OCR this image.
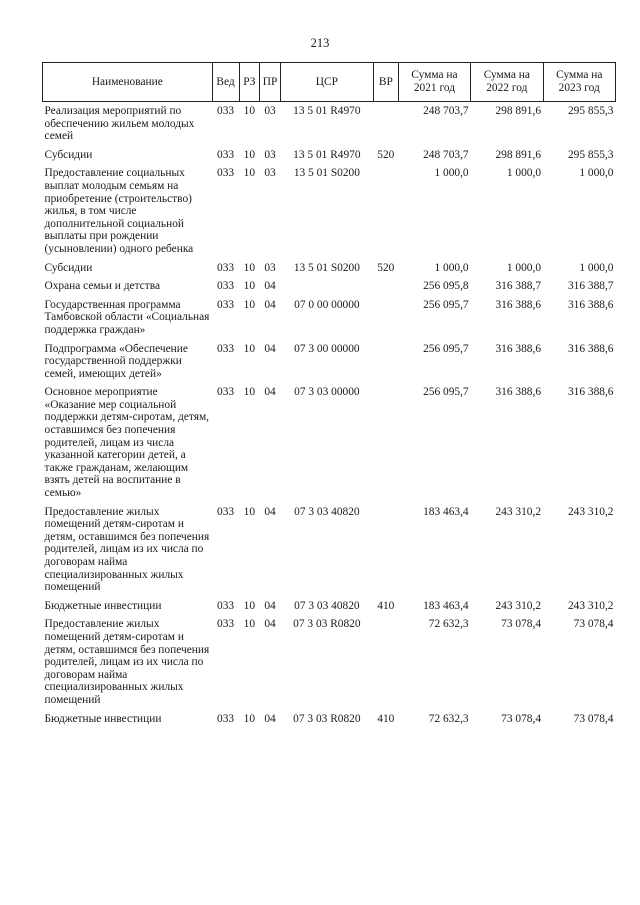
213
Наименование	Вед	РЗ	ПР	ЦСР	ВР	Сумма на 2021 год	Сумма на 2022 год	Сумма на 2023 год
Реализация мероприятий по обеспечению жильем молодых семей	033	10	03	13 5 01 R4970		248 703,7	298 891,6	295 855,3
Субсидии	033	10	03	13 5 01 R4970	520	248 703,7	298 891,6	295 855,3
Предоставление социальных выплат молодым семьям на приобретение (строительство) жилья, в том числе дополнительной социальной выплаты при рождении (усыновлении) одного ребенка	033	10	03	13 5 01 S0200		1 000,0	1 000,0	1 000,0
Субсидии	033	10	03	13 5 01 S0200	520	1 000,0	1 000,0	1 000,0
Охрана семьи и детства	033	10	04			256 095,8	316 388,7	316 388,7
Государственная программа Тамбовской области «Социальная поддержка граждан»	033	10	04	07 0 00 00000		256 095,7	316 388,6	316 388,6
Подпрограмма «Обеспечение государственной поддержки семей, имеющих детей»	033	10	04	07 3 00 00000		256 095,7	316 388,6	316 388,6
Основное мероприятие «Оказание мер социальной поддержки детям-сиротам, детям, оставшимся без попечения родителей, лицам из числа указанной категории детей, а также гражданам, желающим взять детей на воспитание в семью»	033	10	04	07 3 03 00000		256 095,7	316 388,6	316 388,6
Предоставление жилых помещений детям-сиротам и детям, оставшимся без попечения родителей, лицам из их числа по договорам найма специализированных жилых помещений	033	10	04	07 3 03 40820		183 463,4	243 310,2	243 310,2
Бюджетные инвестиции	033	10	04	07 3 03 40820	410	183 463,4	243 310,2	243 310,2
Предоставление жилых помещений детям-сиротам и детям, оставшимся без попечения родителей, лицам из их числа по договорам найма специализированных жилых помещений	033	10	04	07 3 03 R0820		72 632,3	73 078,4	73 078,4
Бюджетные инвестиции	033	10	04	07 3 03 R0820	410	72 632,3	73 078,4	73 078,4
